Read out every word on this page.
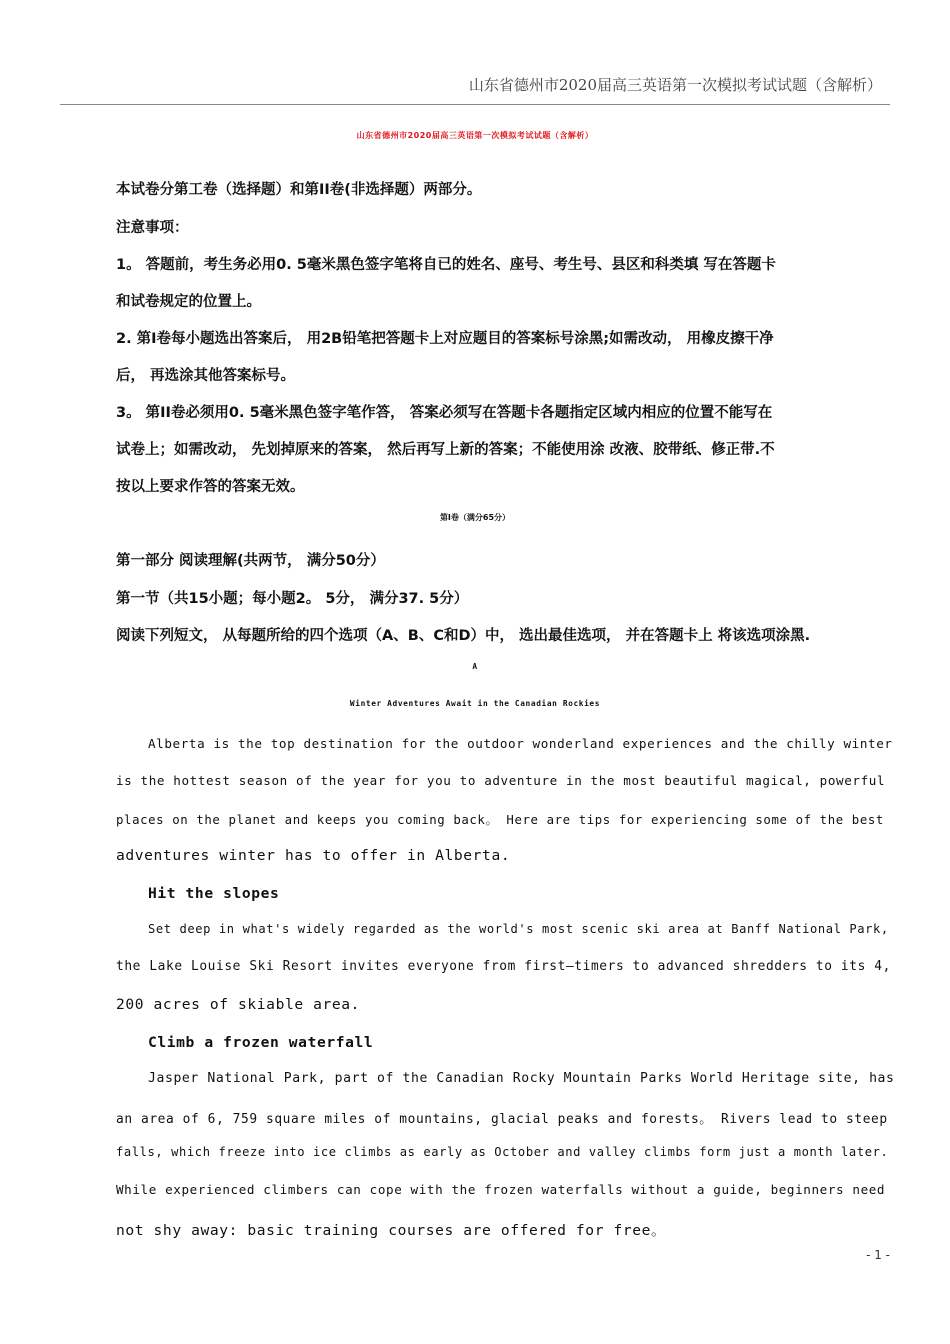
山东省德州市2020届高三英语第一次模拟考试试题（含解析）
山东省德州市2020届高三英语第一次模拟考试试题（含解析）
本试卷分第工卷（选择题）和第II卷(非选择题）两部分。
注意事项：
1。 答题前，考生务必用0. 5毫米黑色签字笔将自已的姓名、座号、考生号、县区和科类填 写在答题卡
和试卷规定的位置上。
2. 第I卷每小题选出答案后， 用2B铅笔把答题卡上对应题目的答案标号涂黑;如需改动， 用橡皮擦干净
后， 再选涂其他答案标号。
3。 第II卷必须用0. 5毫米黑色签字笔作答， 答案必须写在答题卡各题指定区域内相应的位置不能写在
试卷上；如需改动， 先划掉原来的答案， 然后再写上新的答案；不能使用涂 改液、胶带纸、修正带.不
按以上要求作答的答案无效。
第I卷（满分65分）
第一部分 阅读理解(共两节， 满分50分）
第一节（共15小题；每小题2。 5分， 满分37. 5分）
阅读下列短文， 从每题所给的四个选项（A、B、C和D）中， 选出最佳选项， 并在答题卡上 将该选项涂黑.
A
Winter Adventures Await in the Canadian Rockies
Alberta is the top destination for the outdoor wonderland experiences and the chilly winter
is the hottest season of the year for you to adventure in the most beautiful magical, powerful
places on the planet and keeps you coming back。 Here are tips for experiencing some of the best
adventures winter has to offer in Alberta.
Hit the slopes
Set deep in what's widely regarded as the world's most scenic ski area at Banff National Park,
the Lake Louise Ski Resort invites everyone from first—timers to advanced shredders to its 4,
200 acres of skiable area.
Climb a frozen waterfall
Jasper National Park, part of the Canadian Rocky Mountain Parks World Heritage site, has
an area of 6, 759 square miles of mountains, glacial peaks and forests。 Rivers lead to steep
falls, which freeze into ice climbs as early as October and valley climbs form just a month later.
While experienced climbers can cope with the frozen waterfalls without a guide, beginners need
not shy away: basic training courses are offered for free。
- 1 -
